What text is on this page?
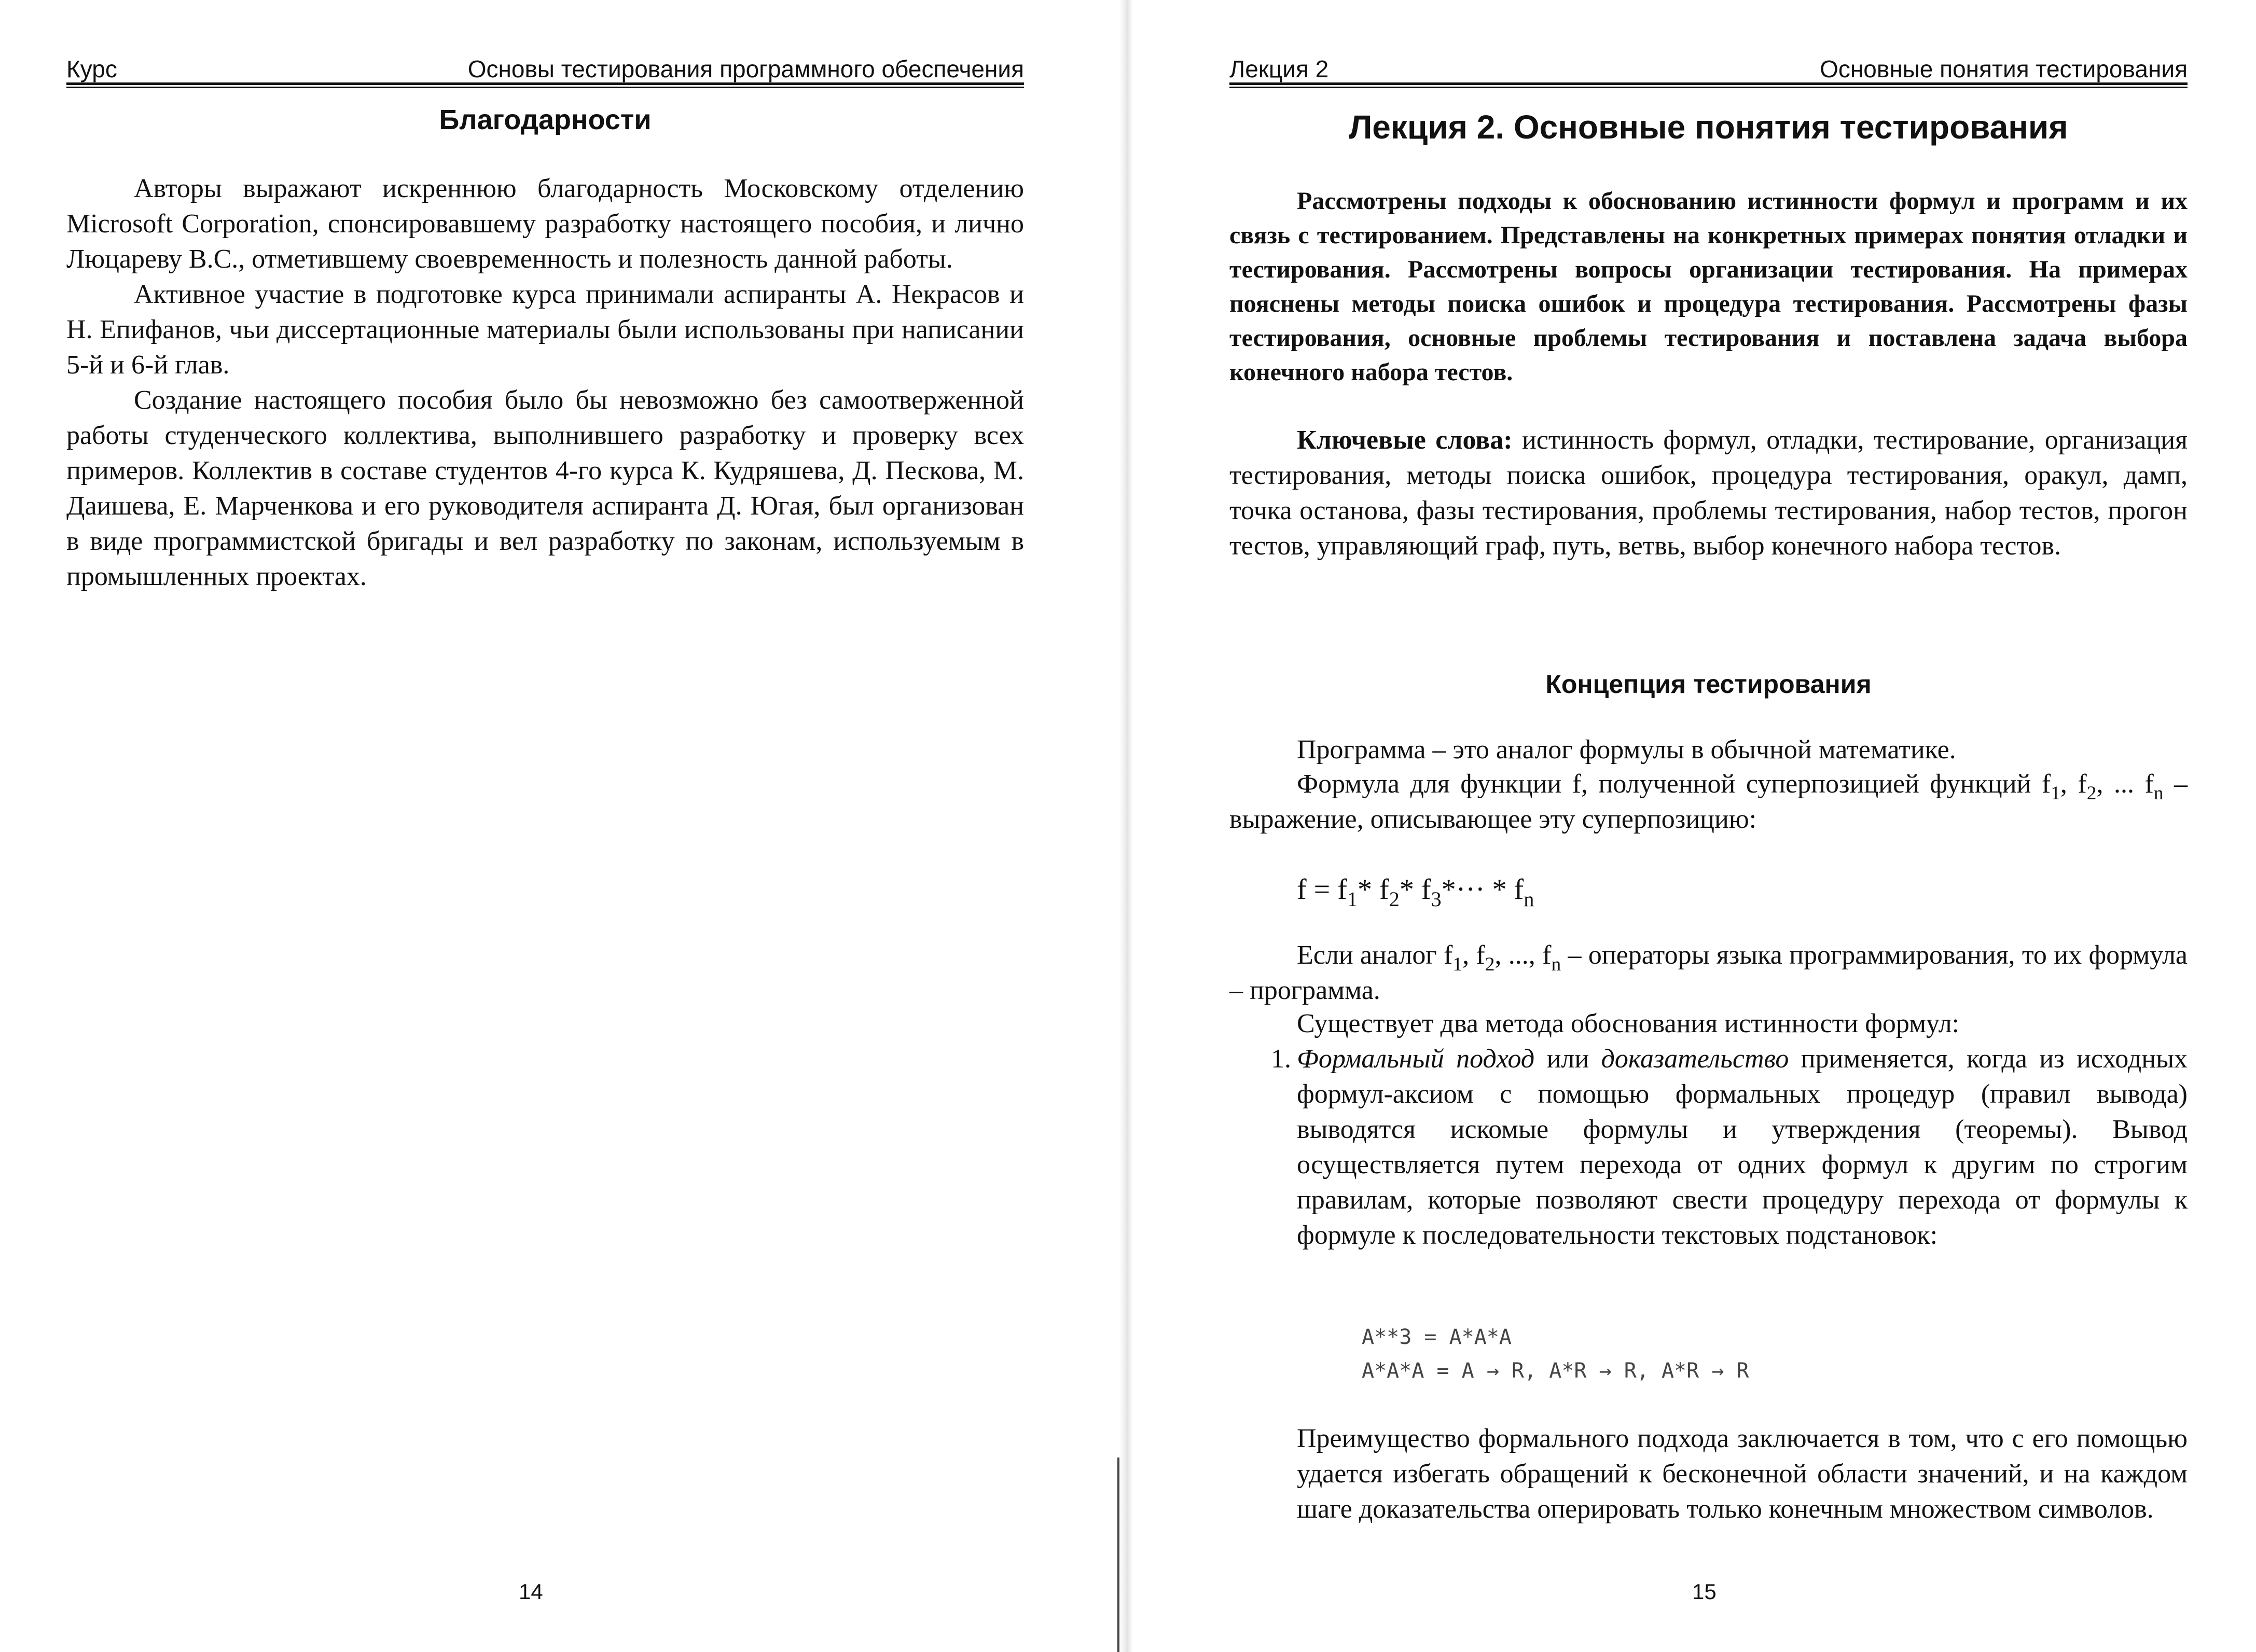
Курс	Основы тестирования программного обеспечения
Благодарности

Авторы выражают искреннюю благодарность Московскому отделению Microsoft Corporation, спонсировавшему разработку настоящего пособия, и лично Люцареву В.С., отметившему своевременность и полезность данной работы.

Активное участие в подготовке курса принимали аспиранты А. Некрасов и Н. Епифанов, чьи диссертационные материалы были использованы при написании 5-й и 6-й глав.

Создание настоящего пособия было бы невозможно без самоотверженной работы студенческого коллектива, выполнившего разработку и проверку всех примеров. Коллектив в составе студентов 4-го курса К. Кудряшева, Д. Пескова, М. Даишева, Е. Марченкова и его руководителя аспиранта Д. Югая, был организован в виде программистской бригады и вел разработку по законам, используемым в промышленных проектах.

14
Лекция 2	Основные понятия тестирования
Лекция 2. Основные понятия тестирования

Рассмотрены подходы к обоснованию истинности формул и программ и их связь с тестированием. Представлены на конкретных примерах понятия отладки и тестирования. Рассмотрены вопросы организации тестирования. На примерах пояснены методы поиска ошибок и процедура тестирования. Рассмотрены фазы тестирования, основные проблемы тестирования и поставлена задача выбора конечного набора тестов.

Ключевые слова: истинность формул, отладки, тестирование, организация тестирования, методы поиска ошибок, процедура тестирования, оракул, дамп, точка останова, фазы тестирования, проблемы тестирования, набор тестов, прогон тестов, управляющий граф, путь, ветвь, выбор конечного набора тестов.

Концепция тестирования

Программа – это аналог формулы в обычной математике.

Формула для функции f, полученной суперпозицией функций $f_1$, $f_2$, ... $f_n$ – выражение, описывающее эту суперпозицию:

$f = f_1*$ $f_2*$ $f_3*\cdot\cdot\cdot * f_n$

Если аналог $f_1$, $f_2$, ..., $f_n$ – операторы языка программирования, то их формула – программа.

Существует два метода обоснования истинности формул:

1. Формальный подход или доказательство применяется, когда из исходных формул-аксиом с помощью формальных процедур (правил вывода) выводятся искомые формулы и утверждения (теоремы). Вывод осуществляется путем перехода от одних формул к другим по строгим правилам, которые позволяют свести процедуру перехода от формулы к формуле к последовательности текстовых подстановок:
A**3 = A*A*A
A*A*A = A → R, A*R → R, A*R → R

Преимущество формального подхода заключается в том, что с его помощью удается избегать обращений к бесконечной области значений, и на каждом шаге доказательства оперировать только конечным множеством символов.

15
